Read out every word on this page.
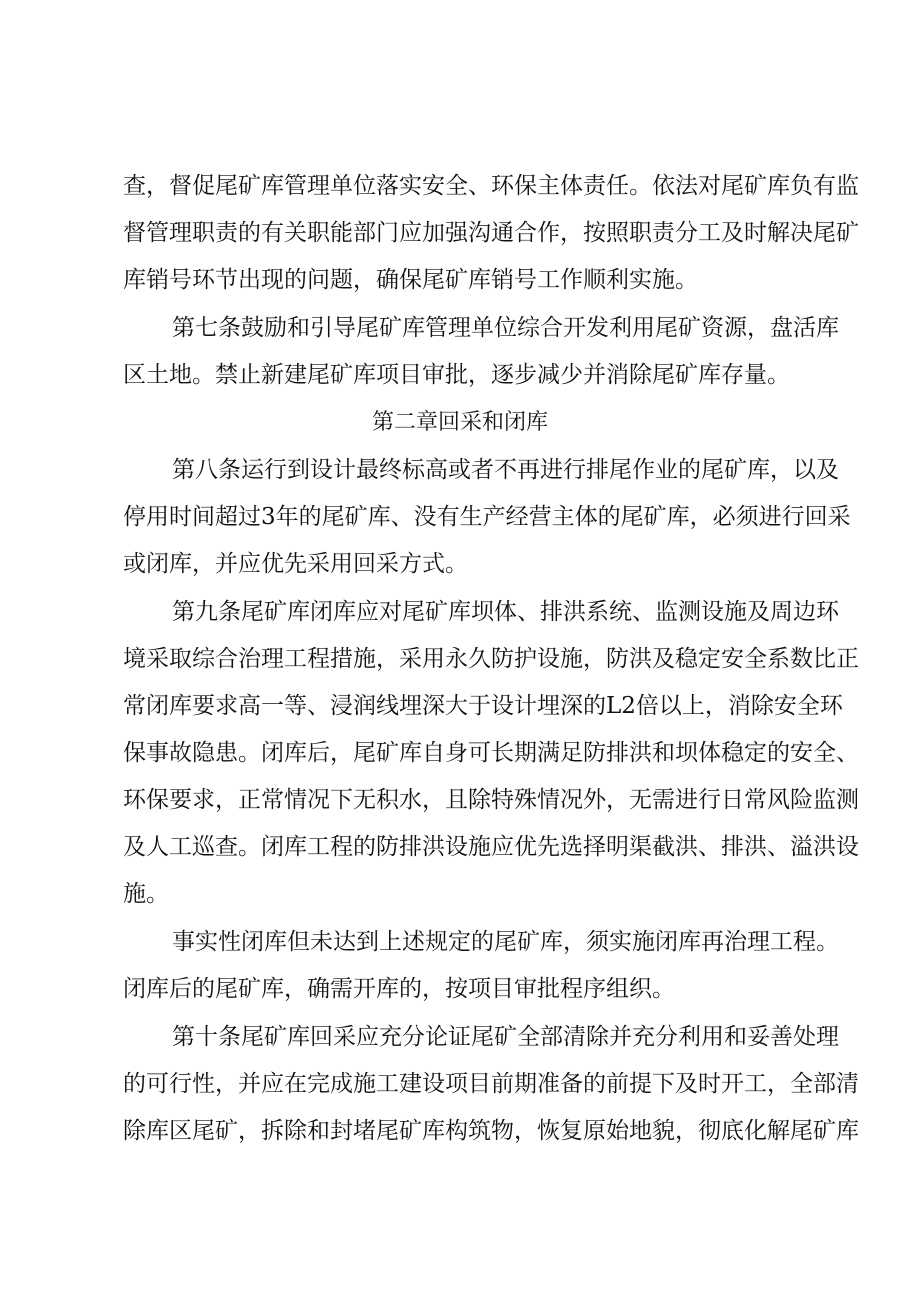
查，督促尾矿库管理单位落实安全、环保主体责任。依法对尾矿库负有监
督管理职责的有关职能部门应加强沟通合作，按照职责分工及时解决尾矿
库销号环节出现的问题，确保尾矿库销号工作顺利实施。
第七条鼓励和引导尾矿库管理单位综合开发利用尾矿资源，盘活库
区土地。禁止新建尾矿库项目审批，逐步减少并消除尾矿库存量。
第二章回采和闭库
第八条运行到设计最终标高或者不再进行排尾作业的尾矿库，以及
停用时间超过3年的尾矿库、没有生产经营主体的尾矿库，必须进行回采
或闭库，并应优先采用回采方式。
第九条尾矿库闭库应对尾矿库坝体、排洪系统、监测设施及周边环
境采取综合治理工程措施，采用永久防护设施，防洪及稳定安全系数比正
常闭库要求高一等、浸润线埋深大于设计埋深的L2倍以上，消除安全环
保事故隐患。闭库后，尾矿库自身可长期满足防排洪和坝体稳定的安全、
环保要求，正常情况下无积水，且除特殊情况外，无需进行日常风险监测
及人工巡查。闭库工程的防排洪设施应优先选择明渠截洪、排洪、溢洪设
施。
事实性闭库但未达到上述规定的尾矿库，须实施闭库再治理工程。
闭库后的尾矿库，确需开库的，按项目审批程序组织。
第十条尾矿库回采应充分论证尾矿全部清除并充分利用和妥善处理
的可行性，并应在完成施工建设项目前期准备的前提下及时开工，全部清
除库区尾矿，拆除和封堵尾矿库构筑物，恢复原始地貌，彻底化解尾矿库
